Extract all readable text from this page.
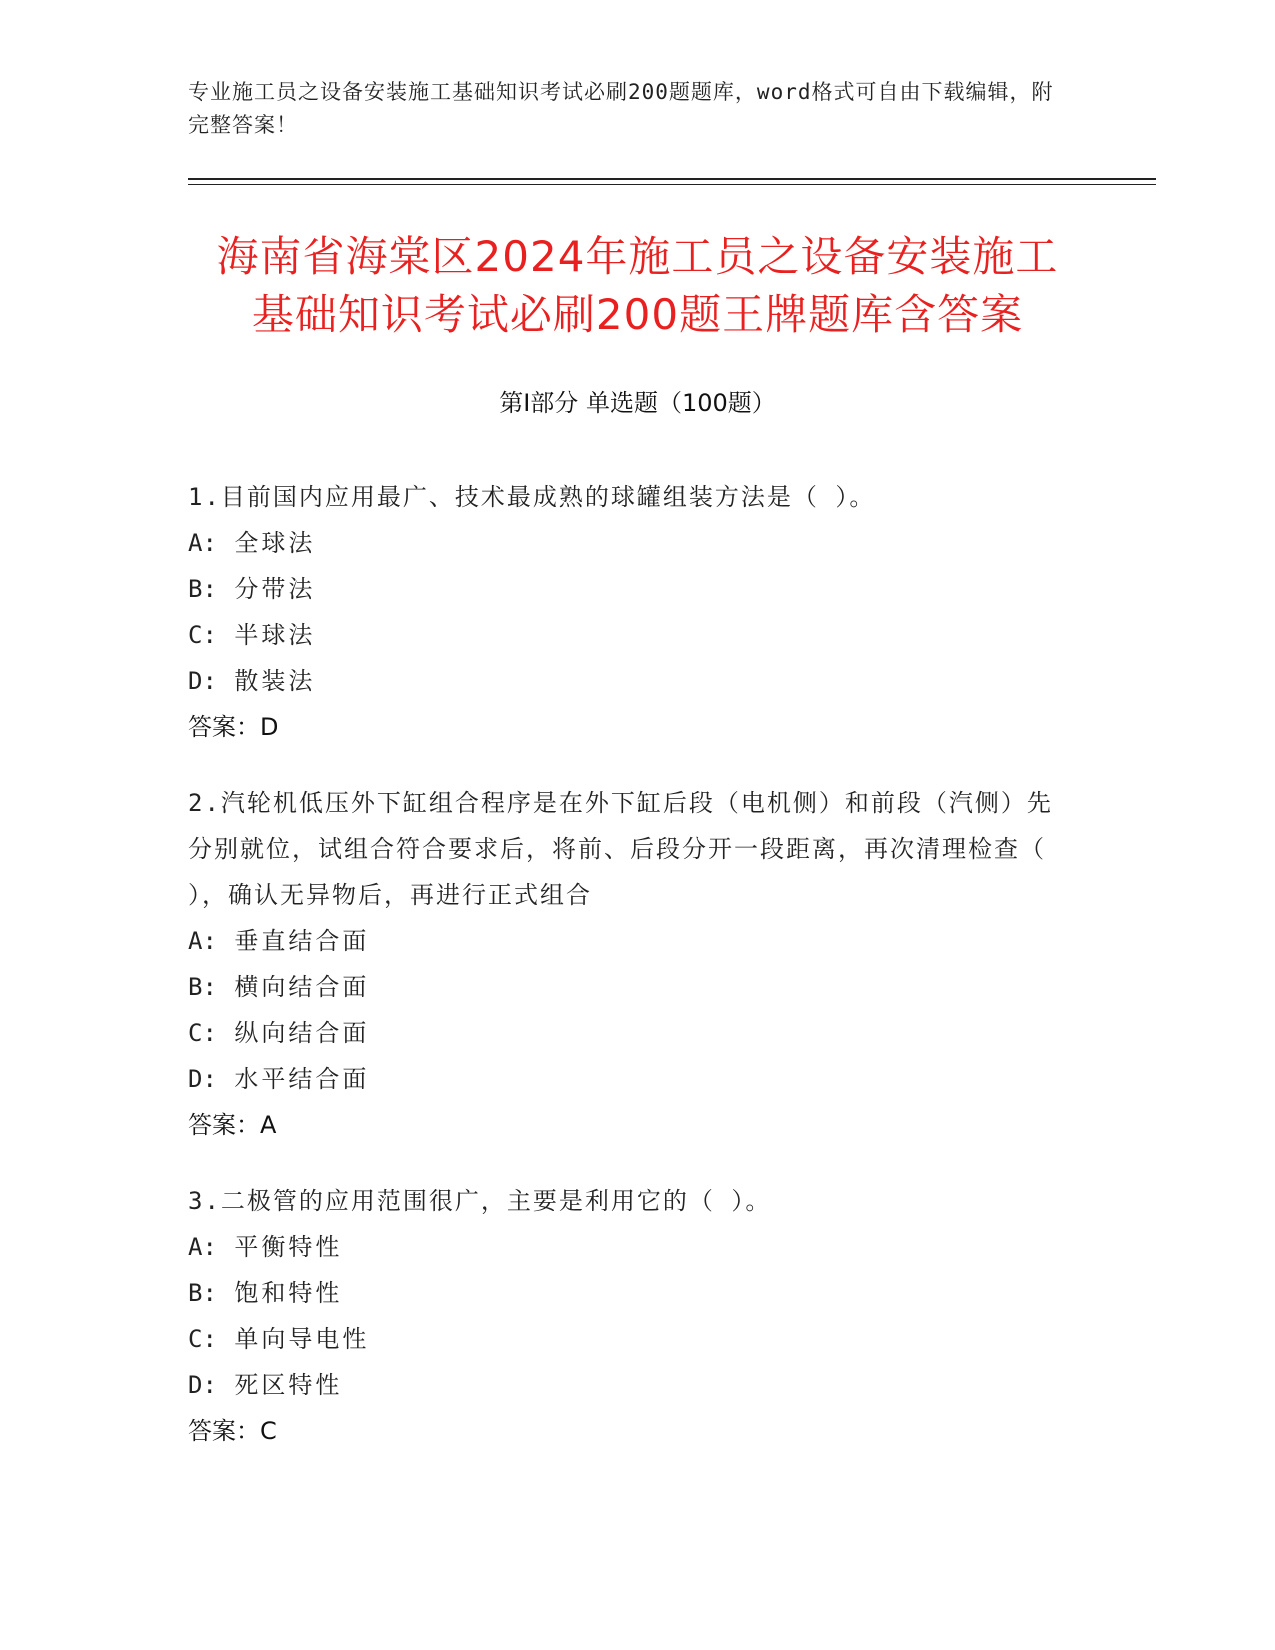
专业施工员之设备安装施工基础知识考试必刷200题题库，word格式可自由下载编辑，附完整答案！
海南省海棠区2024年施工员之设备安装施工
基础知识考试必刷200题王牌题库含答案
第Ⅰ部分 单选题（100题）

1.目前国内应用最广、技术最成熟的球罐组装方法是（ ）。

A: 全球法

B: 分带法

C: 半球法

D: 散装法

答案：D

2.汽轮机低压外下缸组合程序是在外下缸后段（电机侧）和前段（汽侧）先分别就位，试组合符合要求后，将前、后段分开一段距离，再次清理检查（ ），确认无异物后，再进行正式组合

A: 垂直结合面

B: 横向结合面

C: 纵向结合面

D: 水平结合面

答案：A

3.二极管的应用范围很广，主要是利用它的（ ）。

A: 平衡特性

B: 饱和特性

C: 单向导电性

D: 死区特性

答案：C
